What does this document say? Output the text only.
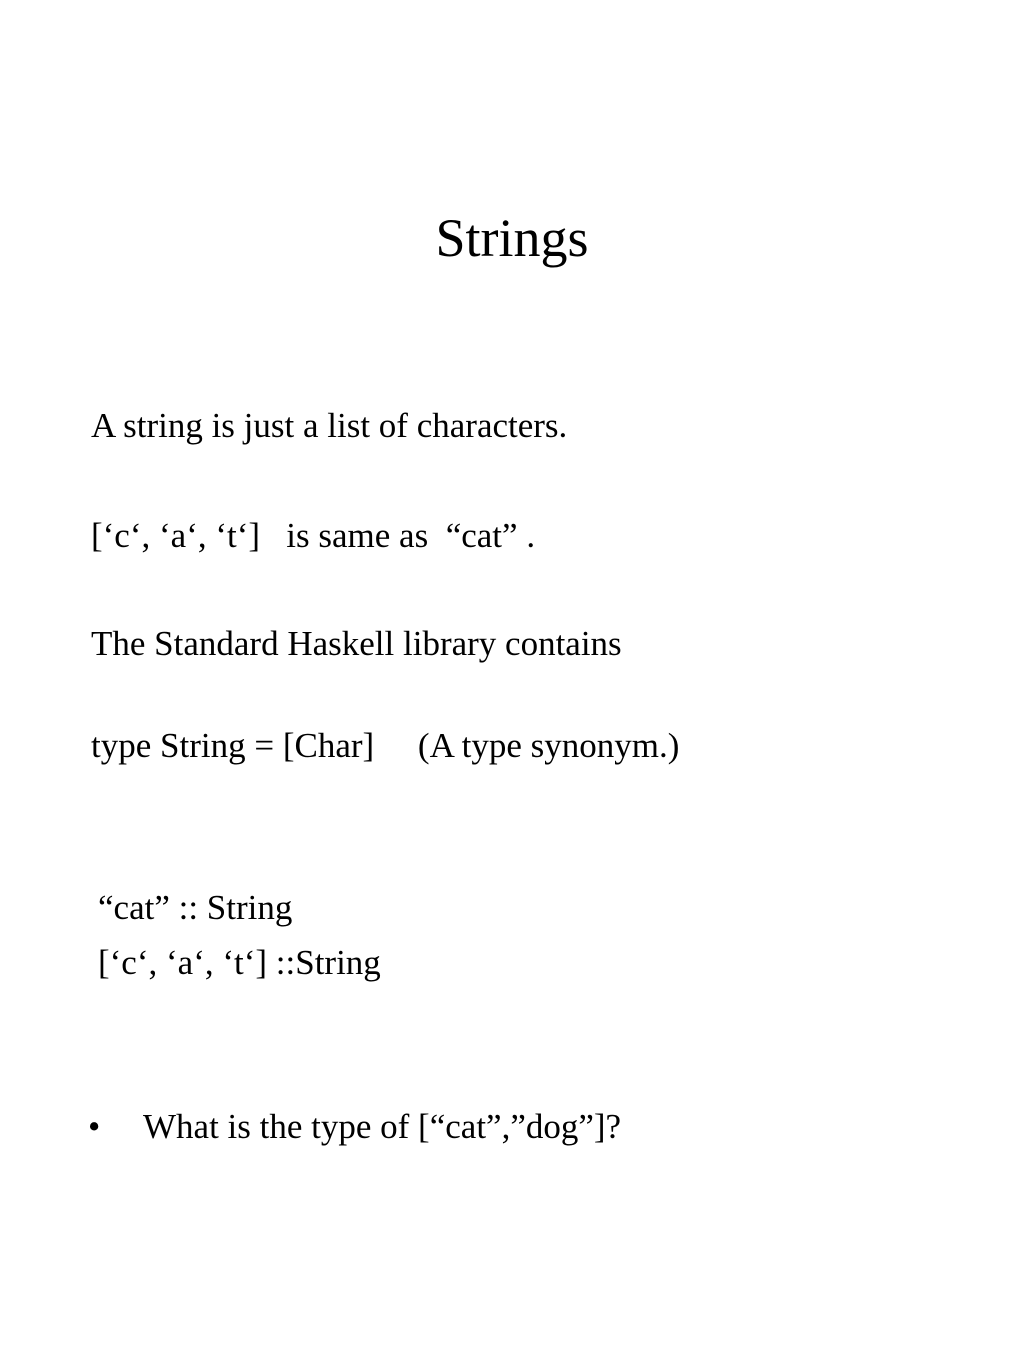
Strings
A string is just a list of characters.
[‘c‘, ‘a‘, ‘t‘]   is same as  “cat” .
The Standard Haskell library contains
type String = [Char]     (A type synonym.)
“cat” :: String
[‘c‘, ‘a‘, ‘t‘] ::String

•

What is the type of [“cat”,”dog”]?
